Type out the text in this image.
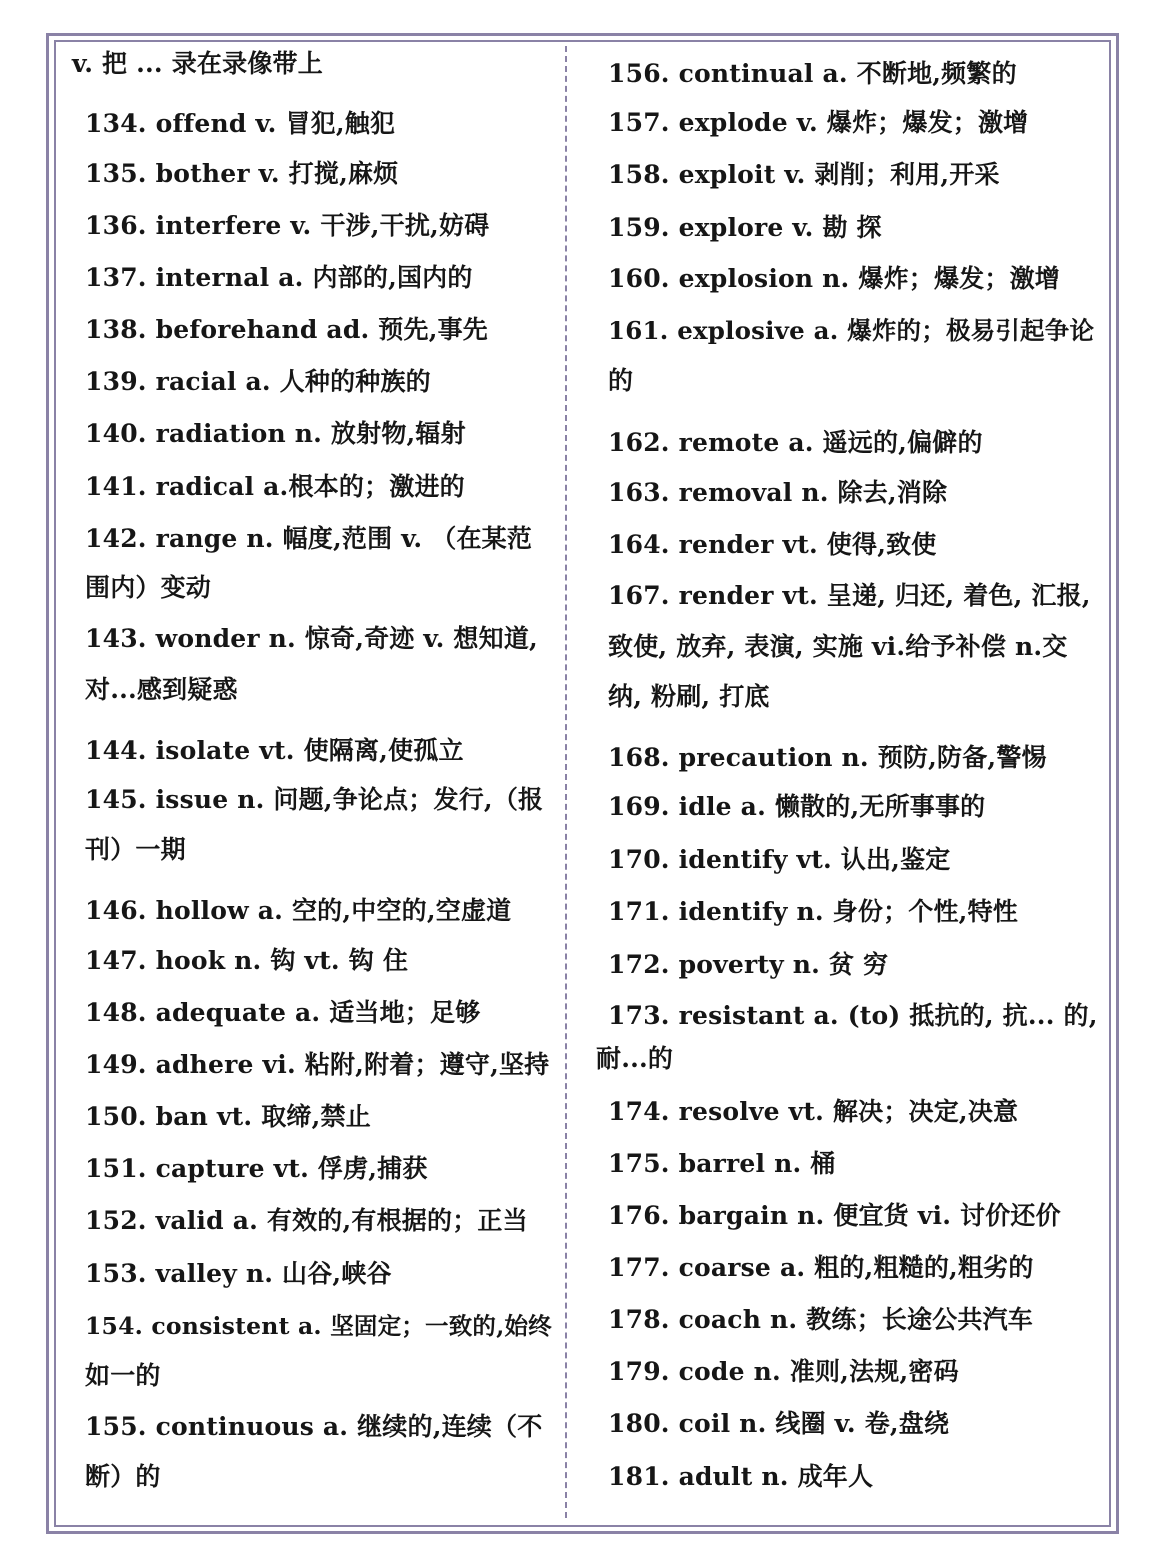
v. 把 ... 录在录像带上
134. offend v. 冒犯,触犯
135. bother v. 打搅,麻烦
136. interfere v. 干涉,干扰,妨碍
137. internal a. 内部的,国内的
138. beforehand ad. 预先,事先
139. racial a. 人种的种族的
140. radiation n. 放射物,辐射
141. radical a.根本的；激进的
142. range n. 幅度,范围 v. （在某范
围内）变动
143. wonder n. 惊奇,奇迹 v. 想知道,
对...感到疑惑
144. isolate vt. 使隔离,使孤立
145. issue n. 问题,争论点；发行,（报
刊）一期
146. hollow a. 空的,中空的,空虚道
147. hook n. 钩 vt. 钩 住
148. adequate a. 适当地；足够
149. adhere vi. 粘附,附着；遵守,坚持
150. ban vt. 取缔,禁止
151. capture vt. 俘虏,捕获
152. valid a. 有效的,有根据的；正当
153. valley n. 山谷,峡谷
154. consistent a. 坚固定；一致的,始终
如一的
155. continuous a. 继续的,连续（不
断）的
156. continual a. 不断地,频繁的
157. explode v. 爆炸；爆发；激增
158. exploit v. 剥削；利用,开采
159. explore v. 勘 探
160. explosion n. 爆炸；爆发；激增
161. explosive a. 爆炸的；极易引起争论
的
162. remote a. 遥远的,偏僻的
163. removal n. 除去,消除
164. render vt. 使得,致使
167. render vt. 呈递, 归还, 着色, 汇报,
致使, 放弃, 表演, 实施 vi.给予补偿 n.交
纳, 粉刷, 打底
168. precaution n. 预防,防备,警惕
169. idle a. 懒散的,无所事事的
170. identify vt. 认出,鉴定
171. identify n. 身份；个性,特性
172. poverty n. 贫 穷
173. resistant a. (to) 抵抗的, 抗... 的,
耐...的
174. resolve vt. 解决；决定,决意
175. barrel n. 桶
176. bargain n. 便宜货 vi. 讨价还价
177. coarse a. 粗的,粗糙的,粗劣的
178. coach n. 教练；长途公共汽车
179. code n. 准则,法规,密码
180. coil n. 线圈 v. 卷,盘绕
181. adult n. 成年人
